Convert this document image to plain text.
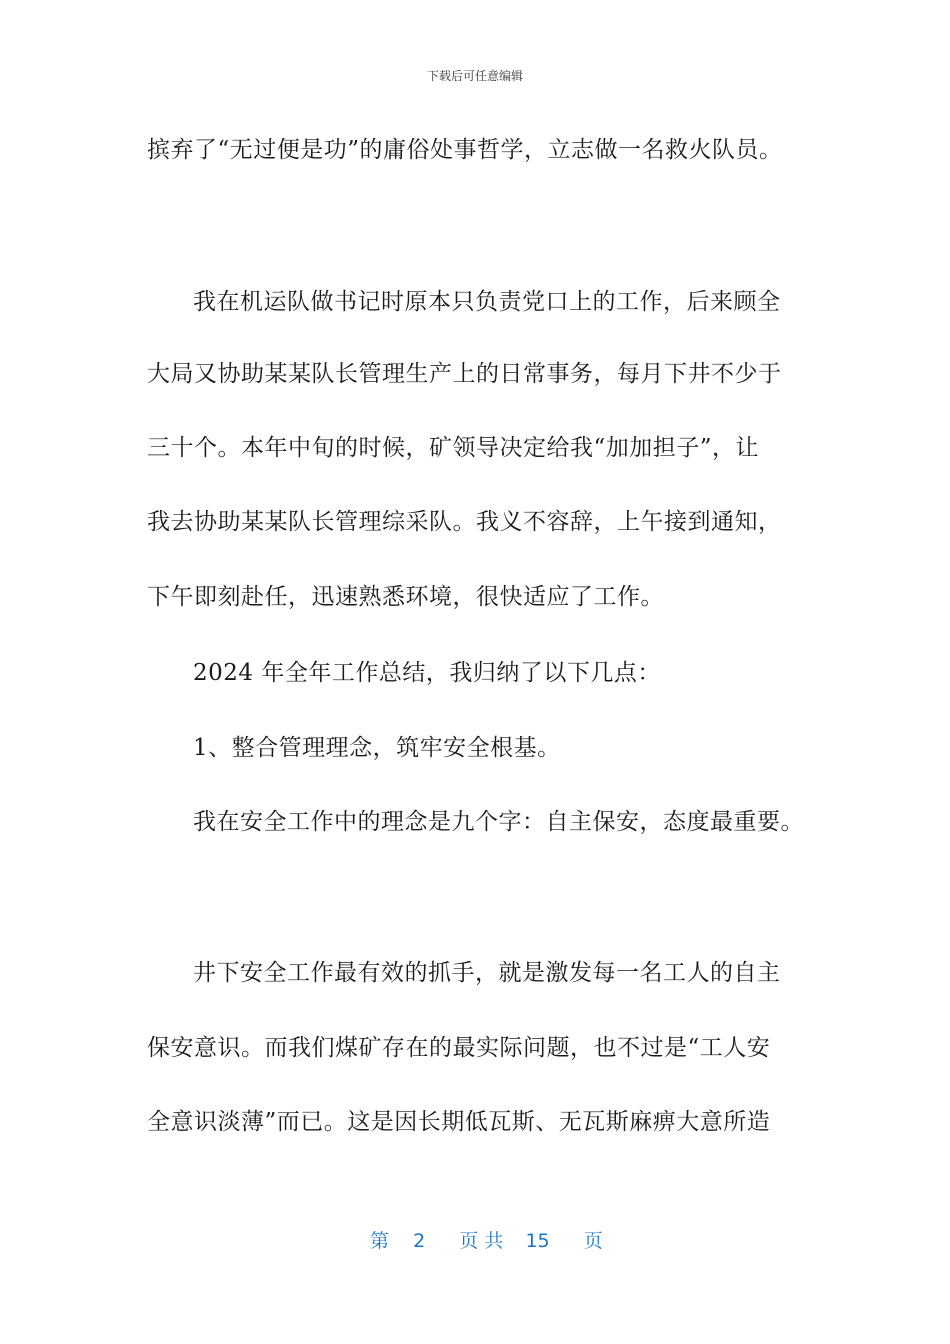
下载后可任意编辑
摈弃了“无过便是功”的庸俗处事哲学，立志做一名救火队员。
我在机运队做书记时原本只负责党口上的工作，后来顾全
大局又协助某某队长管理生产上的日常事务，每月下井不少于
三十个。本年中旬的时候，矿领导决定给我“加加担子”，让
我去协助某某队长管理综采队。我义不容辞，上午接到通知，
下午即刻赴任，迅速熟悉环境，很快适应了工作。
2024 年全年工作总结，我归纳了以下几点：
1、整合管理理念，筑牢安全根基。
我在安全工作中的理念是九个字：自主保安，态度最重要。
井下安全工作最有效的抓手，就是激发每一名工人的自主
保安意识。而我们煤矿存在的最实际问题，也不过是“工人安
全意识淡薄”而已。这是因长期低瓦斯、无瓦斯麻痹大意所造
第 2 页 共 15 页
